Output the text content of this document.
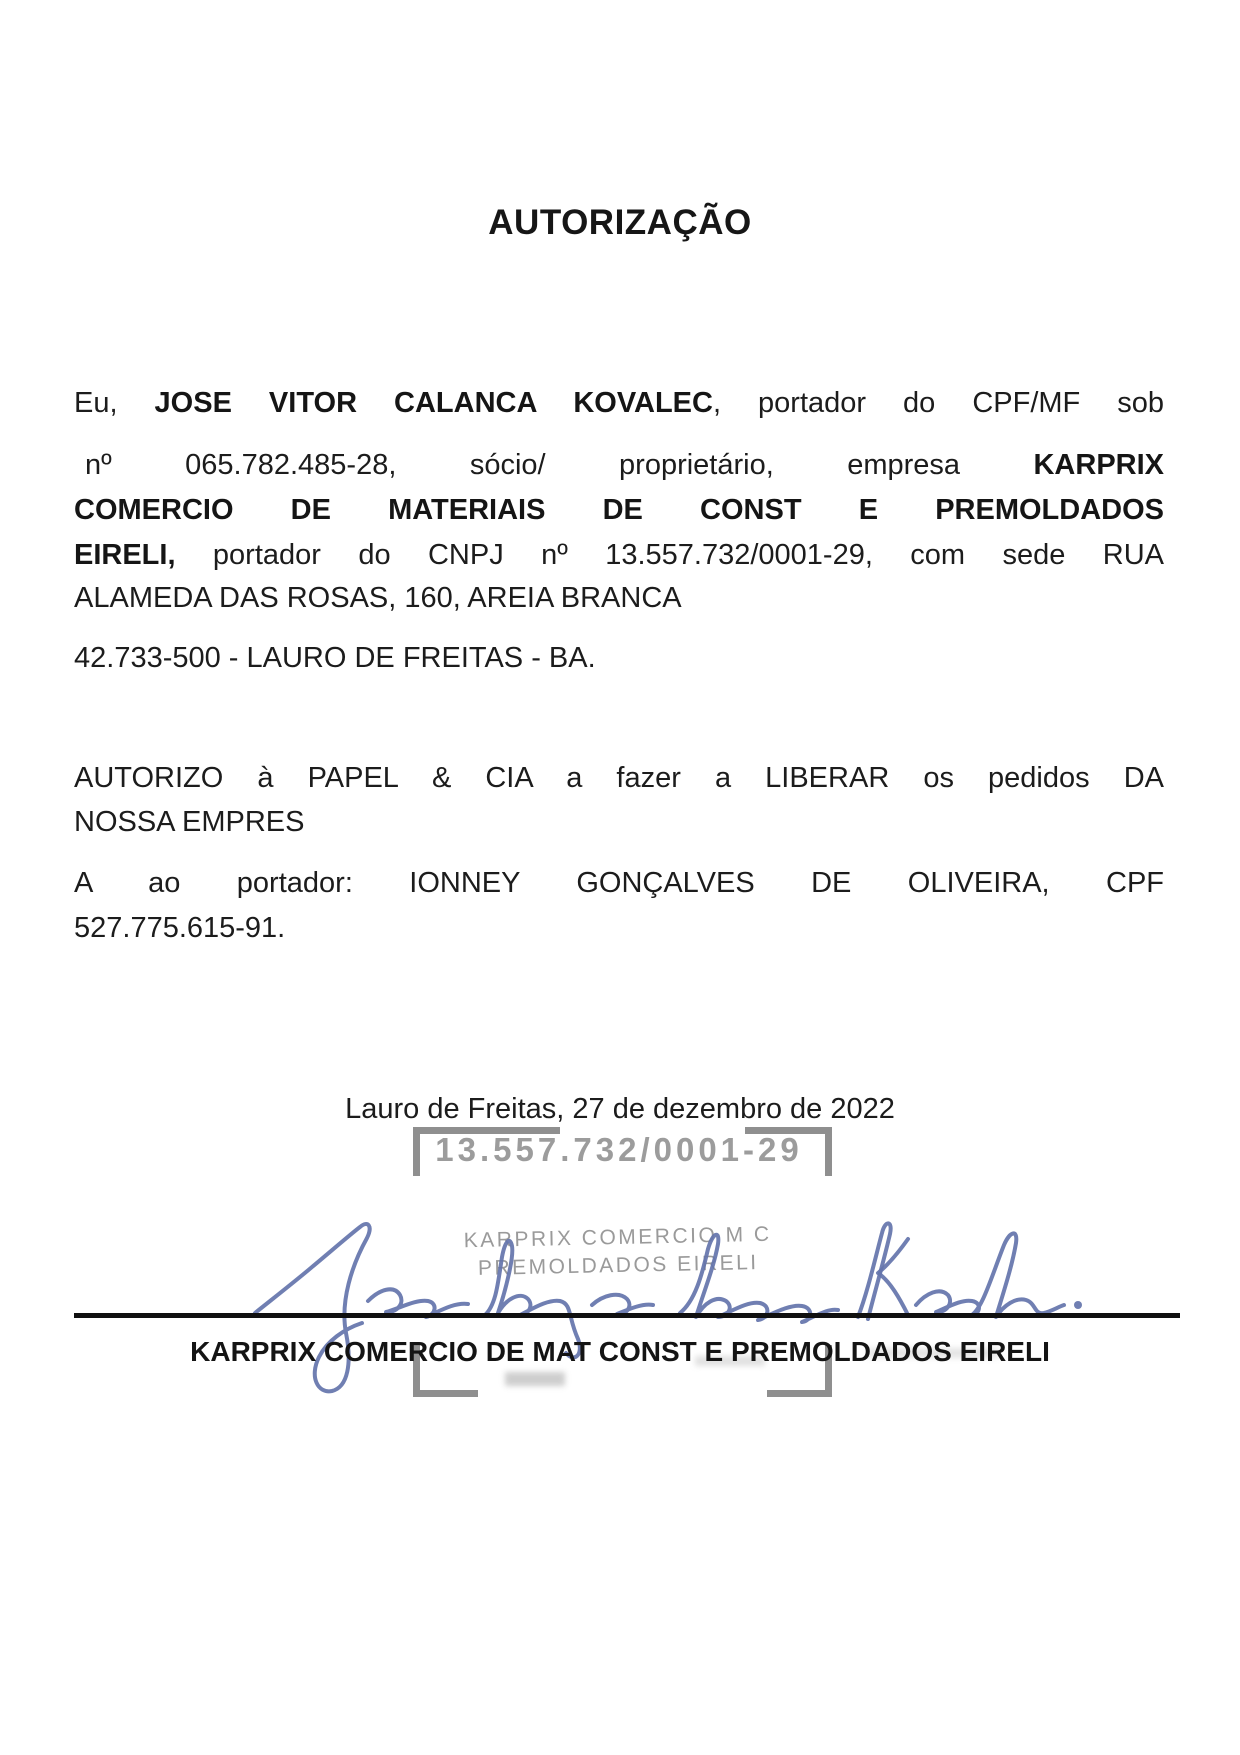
AUTORIZAÇÃO
Eu, JOSE VITOR CALANCA KOVALEC, portador do CPF/MF sob
nº 065.782.485-28, sócio/ proprietário, empresa KARPRIX
COMERCIO DE MATERIAIS DE CONST E PREMOLDADOS
EIRELI, portador do CNPJ nº 13.557.732/0001-29, com sede RUA
ALAMEDA DAS ROSAS, 160, AREIA BRANCA
42.733-500 - LAURO DE FREITAS - BA.
AUTORIZO à PAPEL & CIA a fazer a LIBERAR os pedidos DA
NOSSA EMPRES
A ao portador: IONNEY GONÇALVES DE OLIVEIRA, CPF
527.775.615-91.
Lauro de Freitas, 27 de dezembro de 2022
13.557.732/0001-29
KARPRIX COMERCIO M C
PREMOLDADOS EIRELI
KARPRIX COMERCIO DE MAT CONST E PREMOLDADOS EIRELI
